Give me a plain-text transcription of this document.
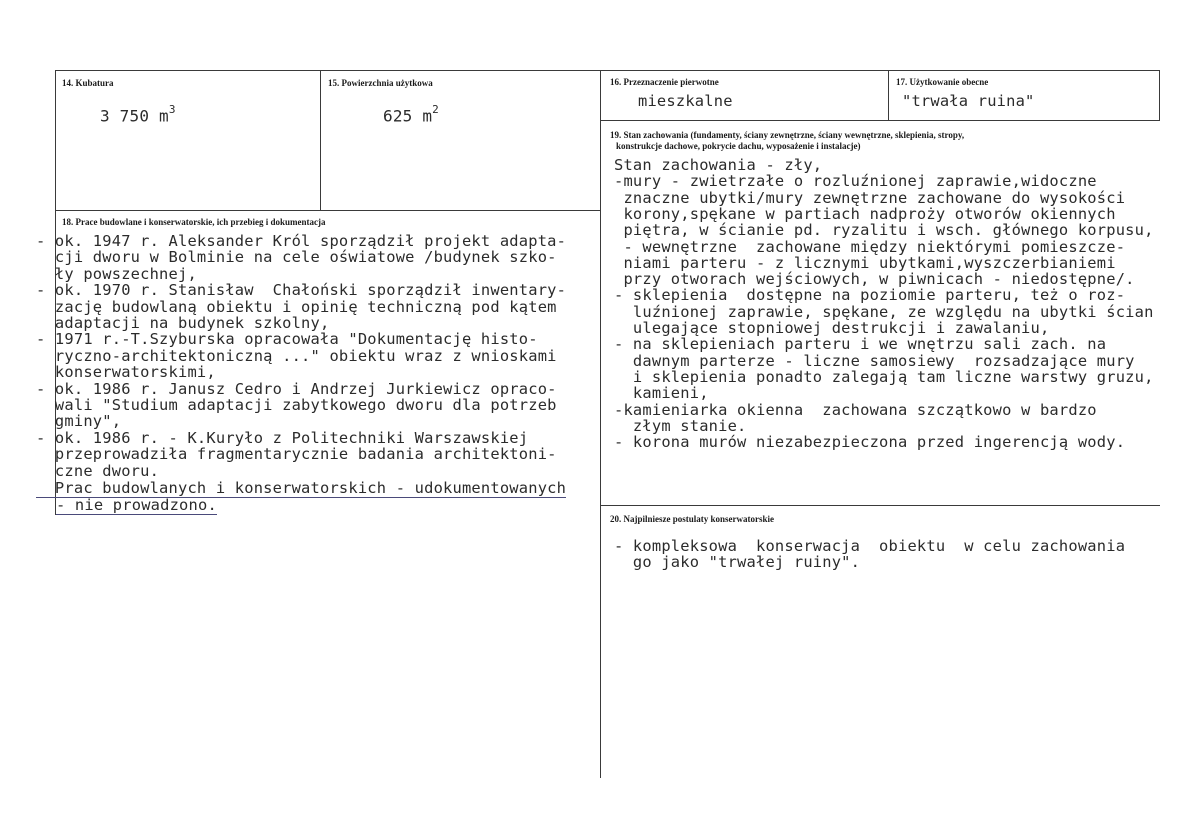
14. Kubatura
3 750 $m^3$
15. Powierzchnia użytkowa
625 $m^2$
16. Przeznaczenie pierwotne
mieszkalne
17. Użytkowanie obecne
"trwała ruina"
19. Stan zachowania (fundamenty, ściany zewnętrzne, ściany wewnętrzne, sklepienia, stropy,
konstrukcje dachowe, pokrycie dachu, wyposażenie i instalacje)
Stan zachowania - zły,
-mury - zwietrzałe o rozluźnionej zaprawie,widoczne
znaczne ubytki/mury zewnętrzne zachowane do wysokości
korony,spękane w partiach nadproży otworów okiennych
piętra, w ścianie pd. ryzalitu i wsch. głównego korpusu,
- wewnętrzne  zachowane między niektórymi pomieszcze-
niami parteru - z licznymi ubytkami,wyszczerbianiemi
przy otworach wejściowych, w piwnicach - niedostępne/.
- sklepienia  dostępne na poziomie parteru, też o roz-
luźnionej zaprawie, spękane, ze względu na ubytki ścian
ulegające stopniowej destrukcji i zawalaniu,
- na sklepieniach parteru i we wnętrzu sali zach. na
dawnym parterze - liczne samosiewy  rozsadzające mury
i sklepienia ponadto zalegają tam liczne warstwy gruzu,
kamieni,
-kamieniarka okienna  zachowana szczątkowo w bardzo
złym stanie.
- korona murów niezabezpieczona przed ingerencją wody.
18. Prace budowlane i konserwatorskie, ich przebieg i dokumentacja
- ok. 1947 r. Aleksander Król sporządził projekt adapta-
cji dworu w Bolminie na cele oświatowe /budynek szko-
ły powszechnej,
- ok. 1970 r. Stanisław  Chałoński sporządził inwentary-
zację budowlaną obiektu i opinię techniczną pod kątem
adaptacji na budynek szkolny,
- 1971 r.-T.Szyburska opracowała "Dokumentację histo-
ryczno-architektoniczną ..." obiektu wraz z wnioskami
konserwatorskimi,
- ok. 1986 r. Janusz Cedro i Andrzej Jurkiewicz opraco-
wali "Studium adaptacji zabytkowego dworu dla potrzeb
gminy",
- ok. 1986 r. - K.Kuryło z Politechniki Warszawskiej
przeprowadziła fragmentarycznie badania architektoni-
czne dworu.
Prac budowlanych i konserwatorskich - udokumentowanych
- nie prowadzono.
20. Najpilniesze postulaty konserwatorskie
- kompleksowa  konserwacja  obiektu  w celu zachowania
go jako "trwałej ruiny".
